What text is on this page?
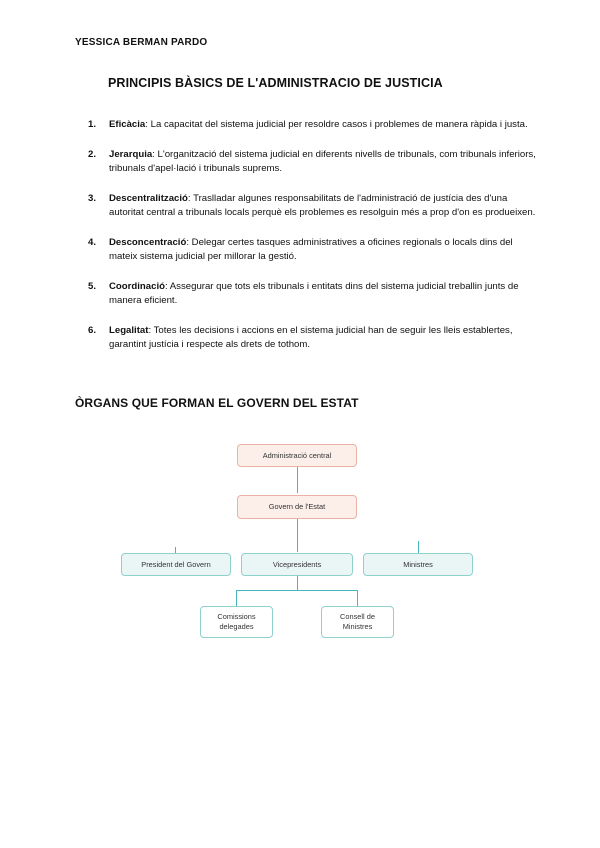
YESSICA BERMAN PARDO
PRINCIPIS BÀSICS DE L'ADMINISTRACIO DE JUSTICIA
1. Eficàcia: La capacitat del sistema judicial per resoldre casos i problemes de manera ràpida i justa.
2. Jerarquia: L'organització del sistema judicial en diferents nivells de tribunals, com tribunals inferiors, tribunals d'apel·lació i tribunals suprems.
3. Descentralització: Traslladar algunes responsabilitats de l'administració de justícia des d'una autoritat central a tribunals locals perquè els problemes es resolguin més a prop d'on es produeixen.
4. Desconcentració: Delegar certes tasques administratives a oficines regionals o locals dins del mateix sistema judicial per millorar la gestió.
5. Coordinació: Assegurar que tots els tribunals i entitats dins del sistema judicial treballin junts de manera eficient.
6. Legalitat: Totes les decisions i accions en el sistema judicial han de seguir les lleis establertes, garantint justícia i respecte als drets de tothom.
ÒRGANS QUE FORMAN EL GOVERN DEL ESTAT
Administració central
Govern de l'Estat
President del Govern	Vicepresidents	Ministres
Comissions delegades
Consell de Ministres
